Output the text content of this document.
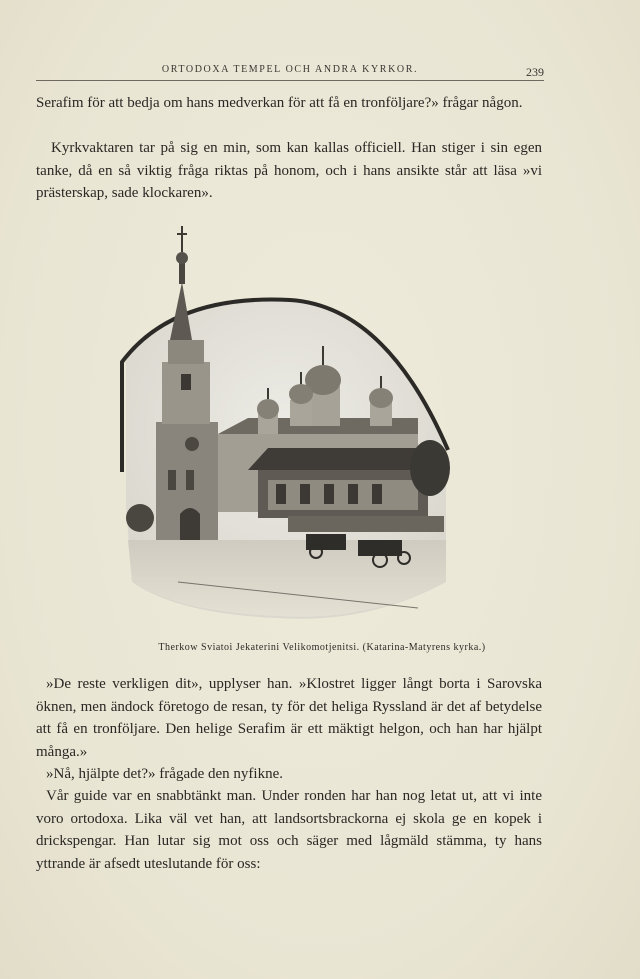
ORTODOXA TEMPEL OCH ANDRA KYRKOR.	239

Serafim för att bedja om hans medverkan för att få en tronföljare?» frågar någon.

Kyrkvaktaren tar på sig en min, som kan kallas officiell. Han stiger i sin egen tanke, då en så viktig fråga riktas på honom, och i hans ansikte står att läsa »vi prästerskap, sade klockaren».

Therkow Sviatoi Jekaterini Velikomotjenitsi. (Katarina-Matyrens kyrka.)

»De reste verkligen dit», upplyser han. »Klostret ligger långt borta i Sarovska öknen, men ändock företogo de resan, ty för det heliga Ryssland är det af betydelse att få en tronföljare. Den helige Serafim är ett mäktigt helgon, och han har hjälpt många.»

»Nå, hjälpte det?» frågade den nyfikne.

Vår guide var en snabbtänkt man. Under ronden har han nog letat ut, att vi inte voro ortodoxa. Lika väl vet han, att landsortsbrackorna ej skola ge en kopek i drickspengar. Han lutar sig mot oss och säger med lågmäld stämma, ty hans yttrande är afsedt uteslutande för oss:
